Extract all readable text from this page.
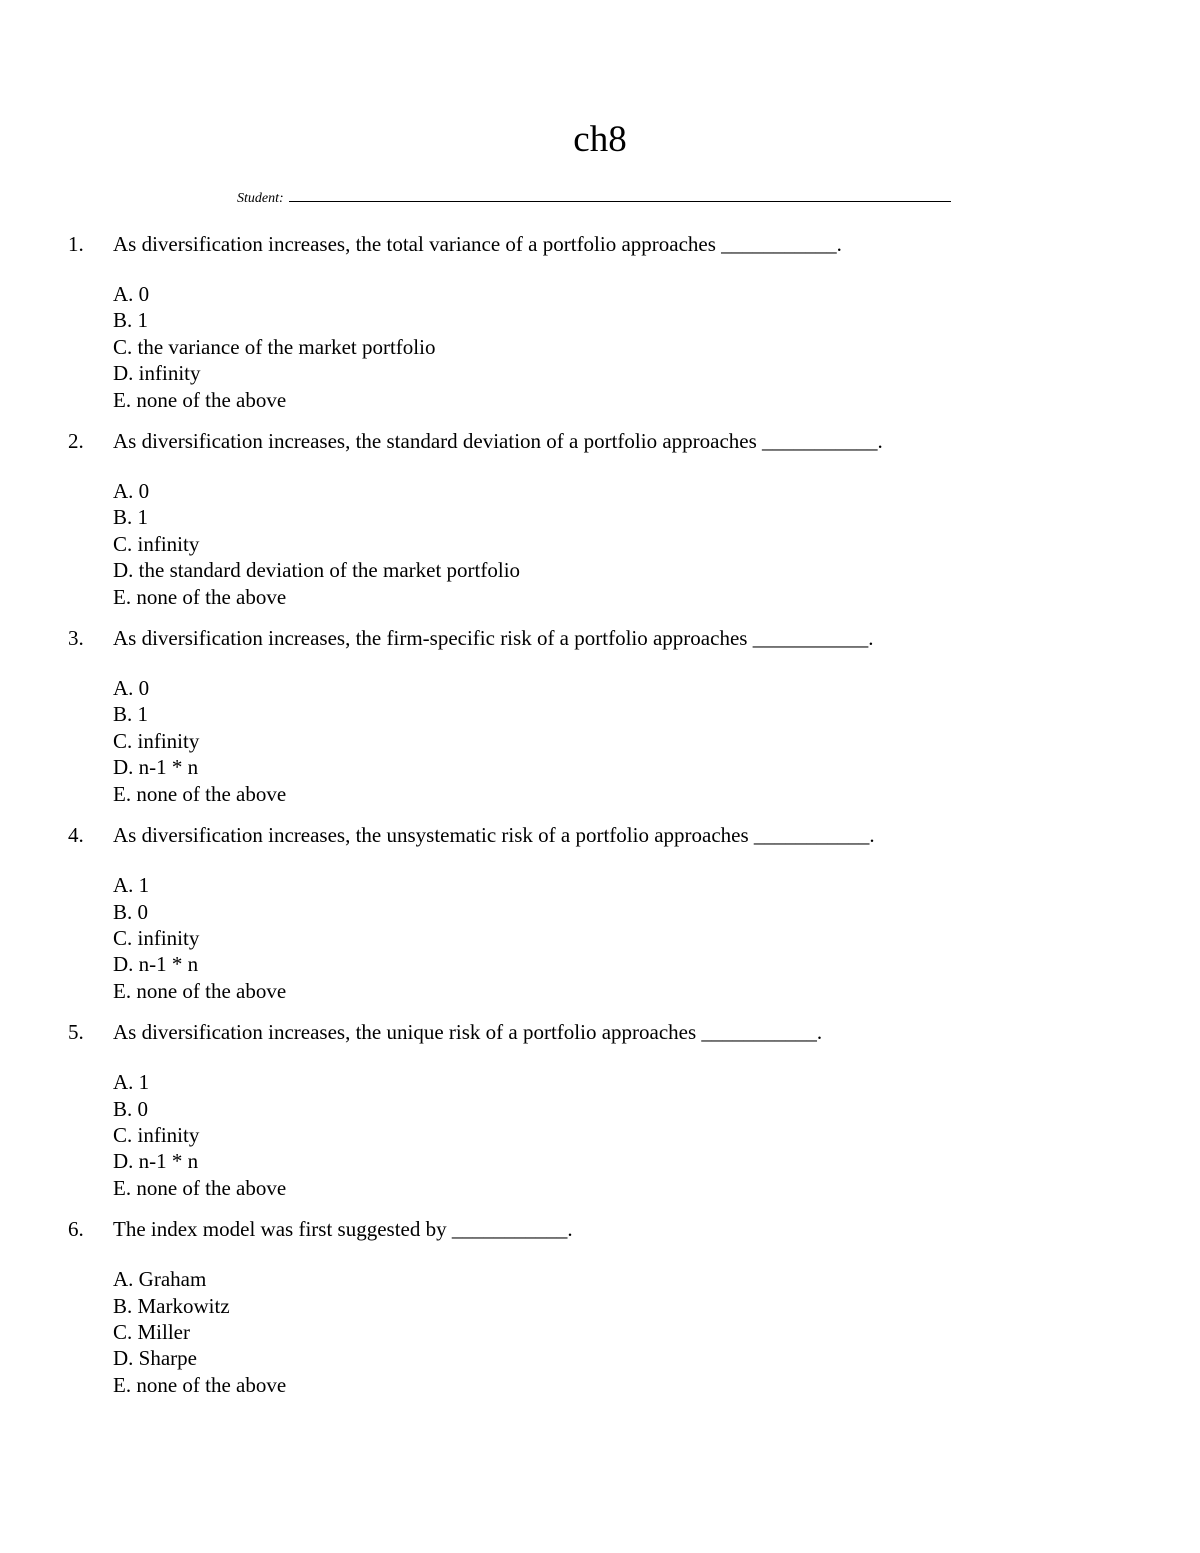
ch8
Student:
1.	As diversification increases, the total variance of a portfolio approaches ___________.
A. 0
B. 1
C. the variance of the market portfolio
D. infinity
E. none of the above
2.	As diversification increases, the standard deviation of a portfolio approaches ___________.
A. 0
B. 1
C. infinity
D. the standard deviation of the market portfolio
E. none of the above
3.	As diversification increases, the firm-specific risk of a portfolio approaches ___________.
A. 0
B. 1
C. infinity
D. n-1 * n
E. none of the above
4.	As diversification increases, the unsystematic risk of a portfolio approaches ___________.
A. 1
B. 0
C. infinity
D. n-1 * n
E. none of the above
5.	As diversification increases, the unique risk of a portfolio approaches ___________.
A. 1
B. 0
C. infinity
D. n-1 * n
E. none of the above
6.	The index model was first suggested by ___________.
A. Graham
B. Markowitz
C. Miller
D. Sharpe
E. none of the above
